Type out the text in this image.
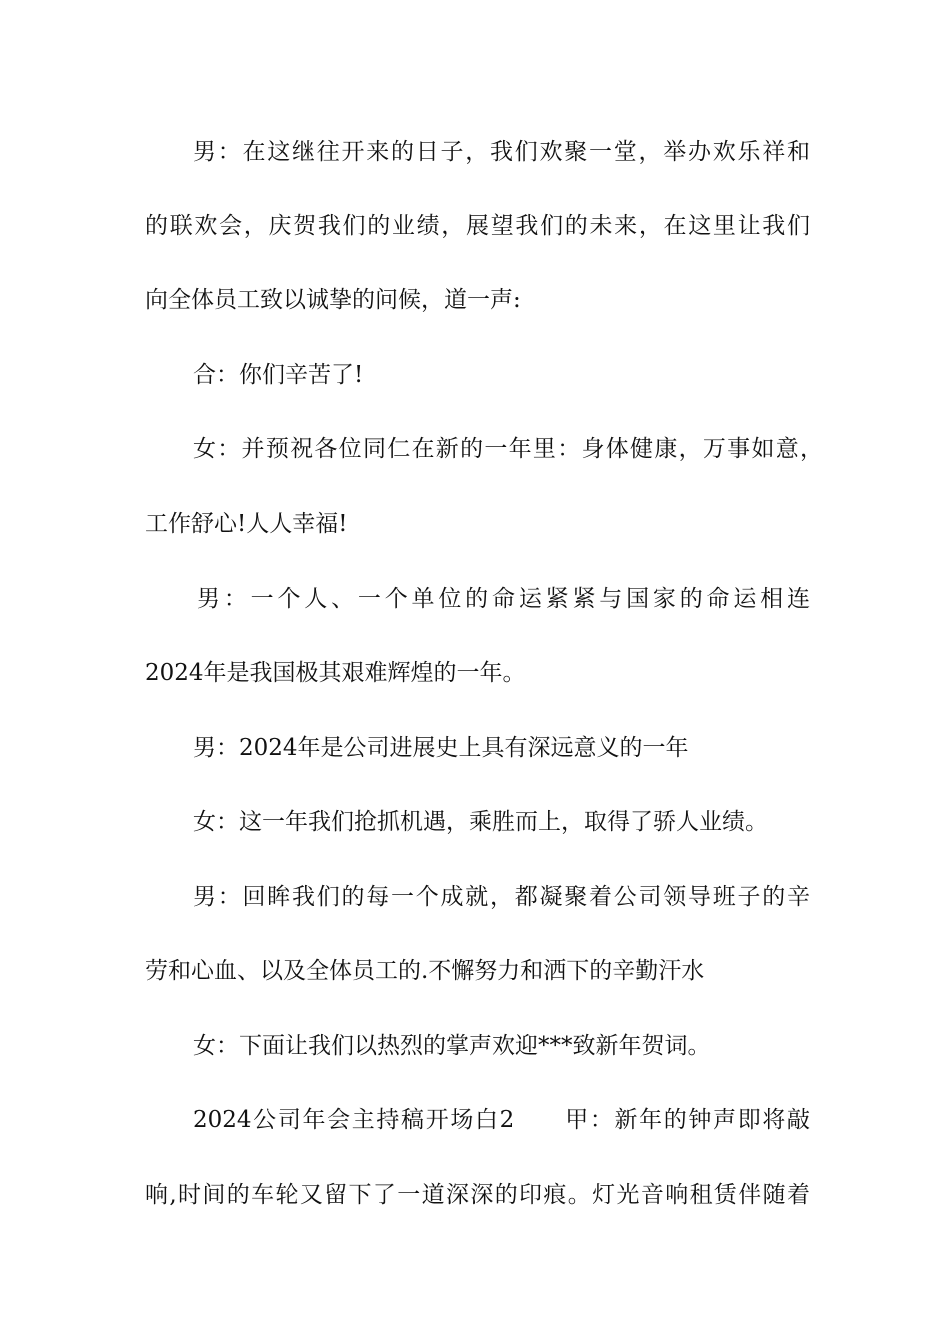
男：在这继往开来的日子，我们欢聚一堂，举办欢乐祥和
的联欢会，庆贺我们的业绩，展望我们的未来，在这里让我们
向全体员工致以诚挚的问候，道一声:
合：你们辛苦了!
女：并预祝各位同仁在新的一年里：身体健康，万事如意，
工作舒心!人人幸福!
男：一个人、一个单位的命运紧紧与国家的命运相连
2024年是我国极其艰难辉煌的一年。
男：2024年是公司进展史上具有深远意义的一年
女：这一年我们抢抓机遇，乘胜而上，取得了骄人业绩。
男：回眸我们的每一个成就，都凝聚着公司领导班子的辛
劳和心血、以及全体员工的.不懈努力和洒下的辛勤汗水
女：下面让我们以热烈的掌声欢迎***致新年贺词。
2024公司年会主持稿开场白2　　甲：新年的钟声即将敲
响,时间的车轮又留下了一道深深的印痕。灯光音响租赁伴随着
